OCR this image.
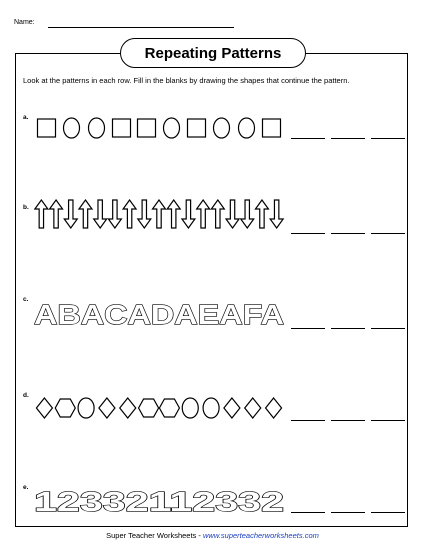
Name:
Repeating Patterns
Look at the patterns in each row. Fill in the blanks by drawing the shapes that continue the pattern.
a.
b.
c. ABACADAEAFA
d.
e. 12332112332
Super Teacher Worksheets - www.superteacherworksheets.com
